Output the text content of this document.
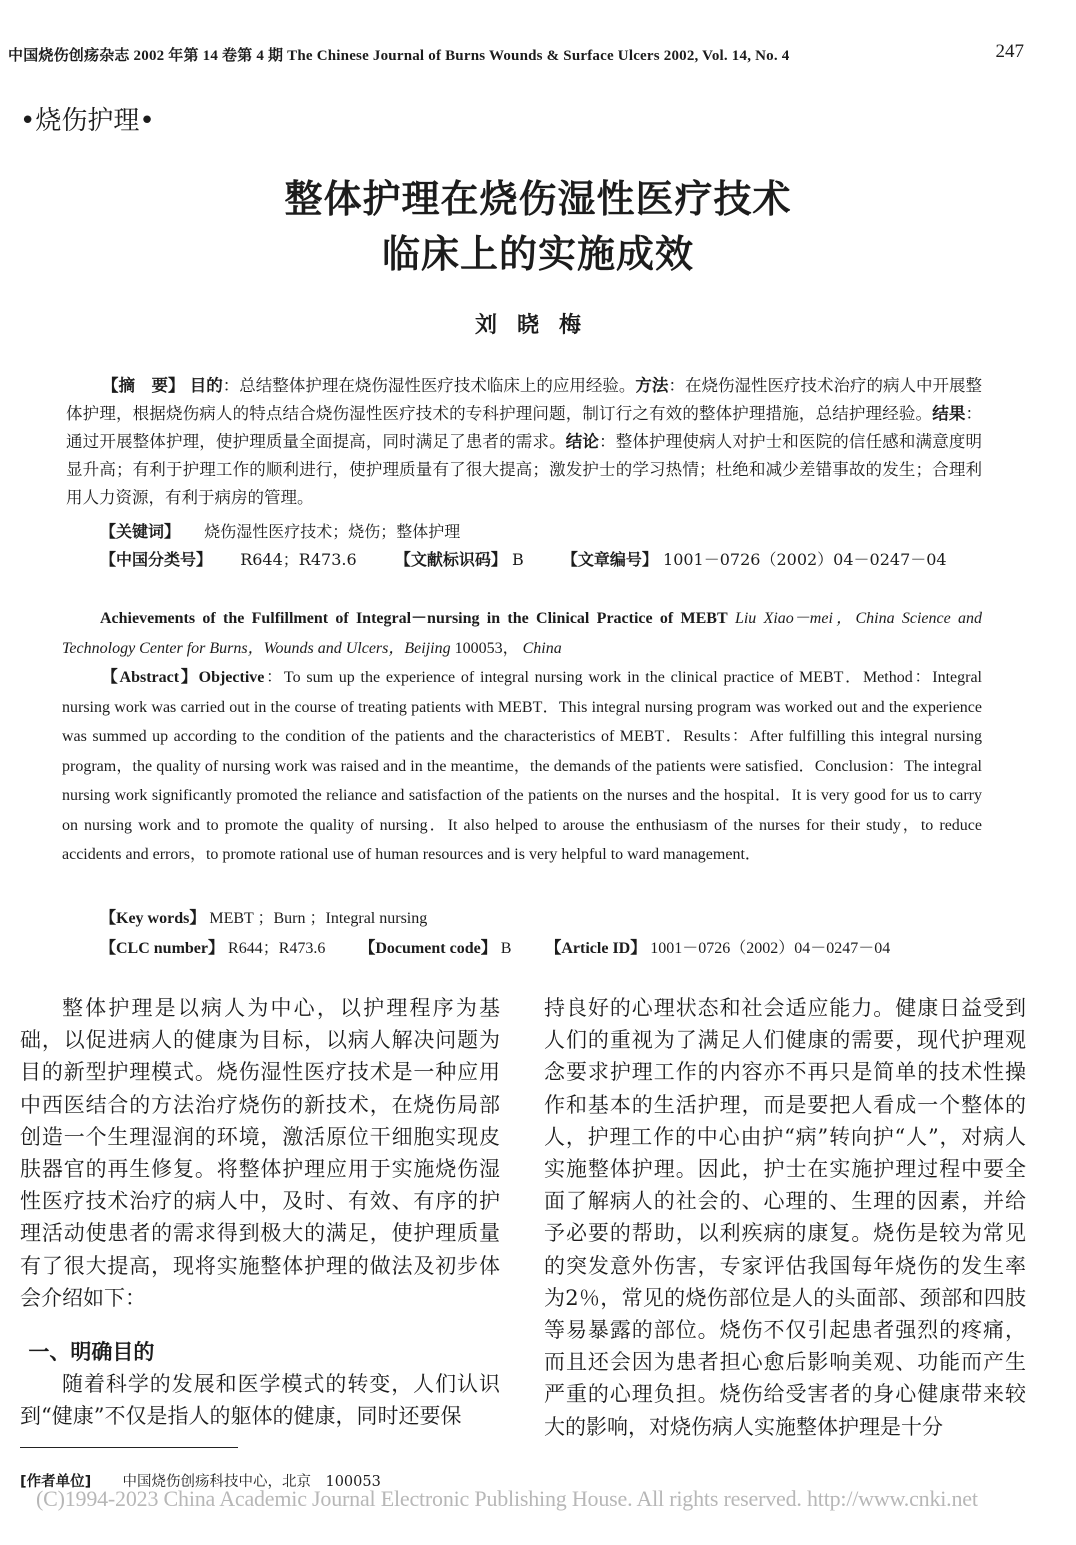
中国烧伤创疡杂志 2002 年第 14 卷第 4 期 The Chinese Journal of Burns Wounds & Surface Ulcers 2002, Vol. 14, No. 4	247
•烧伤护理•
整体护理在烧伤湿性医疗技术
临床上的实施成效
刘晓梅
【摘　要】 目的：总结整体护理在烧伤湿性医疗技术临床上的应用经验。方法：在烧伤湿性医疗技术治疗的病人中开展整体护理，根据烧伤病人的特点结合烧伤湿性医疗技术的专科护理问题，制订行之有效的整体护理措施，总结护理经验。结果：通过开展整体护理，使护理质量全面提高，同时满足了患者的需求。结论：整体护理使病人对护士和医院的信任感和满意度明显升高；有利于护理工作的顺利进行，使护理质量有了很大提高；激发护士的学习热情；杜绝和减少差错事故的发生；合理利用人力资源，有利于病房的管理。
【关键词】 烧伤湿性医疗技术；烧伤；整体护理
【中国分类号】 R644；R473.6 【文献标识码】 B 【文章编号】 1001－0726（2002）04－0247－04
Achievements of the Fulfillment of Integral－nursing in the Clinical Practice of MEBT Liu Xiao－mei，China Science and Technology Center for Burns，Wounds and Ulcers，Beijing 100053， China
【Abstract】Objective：To sum up the experience of integral nursing work in the clinical practice of MEBT．Method：Integral nursing work was carried out in the course of treating patients with MEBT．This integral nursing program was worked out and the experience was summed up according to the condition of the patients and the characteristics of MEBT．Results：After fulfilling this integral nursing program，the quality of nursing work was raised and in the meantime，the demands of the patients were satisfied．Conclusion：The integral nursing work significantly promoted the reliance and satisfaction of the patients on the nurses and the hospital．It is very good for us to carry on nursing work and to promote the quality of nursing．It also helped to arouse the enthusiasm of the nurses for their study，to reduce accidents and errors，to promote rational use of human resources and is very helpful to ward management．
【Key words】 MEBT ；Burn ；Integral nursing
【CLC number】 R644；R473.6 【Document code】 B 【Article ID】 1001－0726（2002）04－0247－04

整体护理是以病人为中心，以护理程序为基础，以促进病人的健康为目标，以病人解决问题为目的新型护理模式。烧伤湿性医疗技术是一种应用中西医结合的方法治疗烧伤的新技术，在烧伤局部创造一个生理湿润的环境，激活原位干细胞实现皮肤器官的再生修复。将整体护理应用于实施烧伤湿性医疗技术治疗的病人中，及时、有效、有序的护理活动使患者的需求得到极大的满足，使护理质量有了很大提高，现将实施整体护理的做法及初步体会介绍如下：

一、明确目的

随着科学的发展和医学模式的转变，人们认识到“健康”不仅是指人的躯体的健康，同时还要保

持良好的心理状态和社会适应能力。健康日益受到人们的重视为了满足人们健康的需要，现代护理观念要求护理工作的内容亦不再只是简单的技术性操作和基本的生活护理，而是要把人看成一个整体的人，护理工作的中心由护“病”转向护“人”，对病人实施整体护理。因此，护士在实施护理过程中要全面了解病人的社会的、心理的、生理的因素，并给予必要的帮助，以利疾病的康复。烧伤是较为常见的突发意外伤害，专家评估我国每年烧伤的发生率为2％，常见的烧伤部位是人的头面部、颈部和四肢等易暴露的部位。烧伤不仅引起患者强烈的疼痛，而且还会因为患者担心愈后影响美观、功能而产生严重的心理负担。烧伤给受害者的身心健康带来较大的影响，对烧伤病人实施整体护理是十分

[作者单位] 中国烧伤创疡科技中心，北京　100053
(C)1994-2023 China Academic Journal Electronic Publishing House. All rights reserved. http://www.cnki.net
